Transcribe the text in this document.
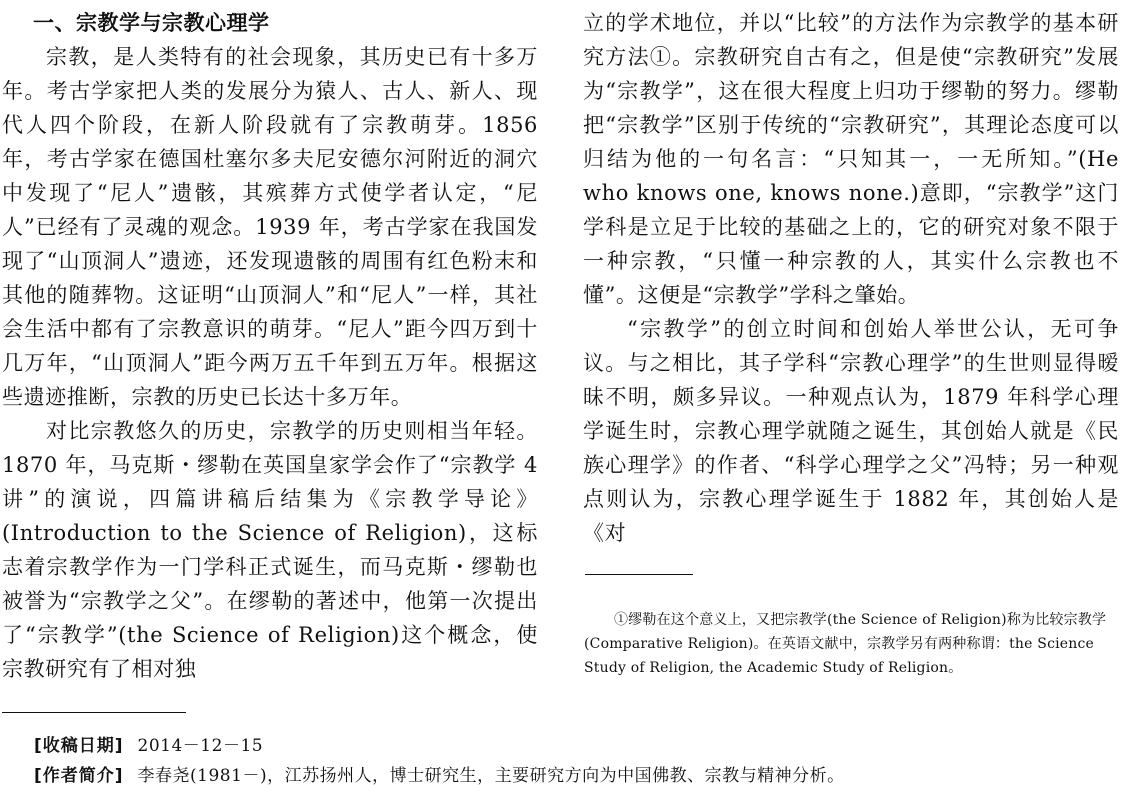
一、宗教学与宗教心理学

宗教，是人类特有的社会现象，其历史已有十多万年。考古学家把人类的发展分为猿人、古人、新人、现代人四个阶段，在新人阶段就有了宗教萌芽。1856 年，考古学家在德国杜塞尔多夫尼安德尔河附近的洞穴中发现了“尼人”遗骸，其殡葬方式使学者认定，“尼人”已经有了灵魂的观念。1939 年，考古学家在我国发现了“山顶洞人”遗迹，还发现遗骸的周围有红色粉末和其他的随葬物。这证明“山顶洞人”和“尼人”一样，其社会生活中都有了宗教意识的萌芽。“尼人”距今四万到十几万年，“山顶洞人”距今两万五千年到五万年。根据这些遗迹推断，宗教的历史已长达十多万年。

对比宗教悠久的历史，宗教学的历史则相当年轻。1870 年，马克斯・缪勒在英国皇家学会作了“宗教学 4 讲”的演说，四篇讲稿后结集为《宗教学导论》(Introduction to the Science of Religion)，这标志着宗教学作为一门学科正式诞生，而马克斯・缪勒也被誉为“宗教学之父”。在缪勒的著述中，他第一次提出了“宗教学”(the Science of Religion)这个概念，使宗教研究有了相对独

立的学术地位，并以“比较”的方法作为宗教学的基本研究方法①。宗教研究自古有之，但是使“宗教研究”发展为“宗教学”，这在很大程度上归功于缪勒的努力。缪勒把“宗教学”区别于传统的“宗教研究”，其理论态度可以归结为他的一句名言：“只知其一，一无所知。”(He who knows one, knows none.)意即，“宗教学”这门学科是立足于比较的基础之上的，它的研究对象不限于一种宗教，“只懂一种宗教的人，其实什么宗教也不懂”。这便是“宗教学”学科之肇始。

“宗教学”的创立时间和创始人举世公认，无可争议。与之相比，其子学科“宗教心理学”的生世则显得暧昧不明，颇多异议。一种观点认为，1879 年科学心理学诞生时，宗教心理学就随之诞生，其创始人就是《民族心理学》的作者、“科学心理学之父”冯特；另一种观点则认为，宗教心理学诞生于 1882 年，其创始人是《对

①缪勒在这个意义上，又把宗教学(the Science of Religion)称为比较宗教学(Comparative Religion)。在英语文献中，宗教学另有两种称谓：the Science Study of Religion, the Academic Study of Religion。

[收稿日期] 2014－12－15

[作者简介] 李春尧(1981－)，江苏扬州人，博士研究生，主要研究方向为中国佛教、宗教与精神分析。
